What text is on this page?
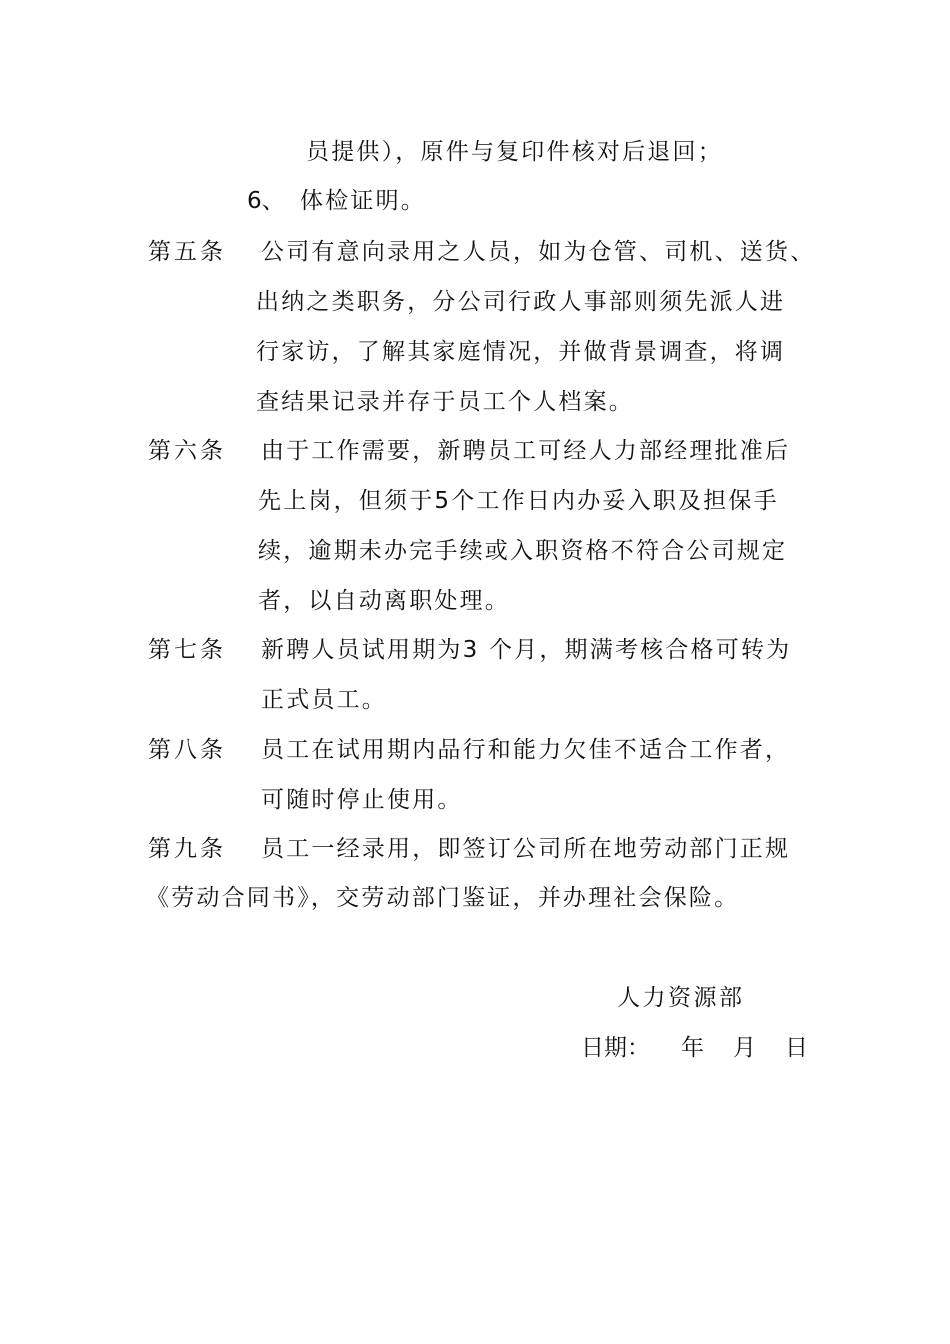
员提供），原件与复印件核对后退回；
6、 体检证明。
第五条 公司有意向录用之人员，如为仓管、司机、送货、
出纳之类职务，分公司行政人事部则须先派人进
行家访，了解其家庭情况，并做背景调查，将调
查结果记录并存于员工个人档案。
第六条 由于工作需要，新聘员工可经人力部经理批准后
先上岗，但须于5个工作日内办妥入职及担保手
续，逾期未办完手续或入职资格不符合公司规定
者，以自动离职处理。
第七条 新聘人员试用期为3 个月，期满考核合格可转为
正式员工。
第八条 员工在试用期内品行和能力欠佳不适合工作者，
可随时停止使用。
第九条 员工一经录用，即签订公司所在地劳动部门正规
《劳动合同书》，交劳动部门鉴证，并办理社会保险。
人力资源部
日期： 年 月 日
